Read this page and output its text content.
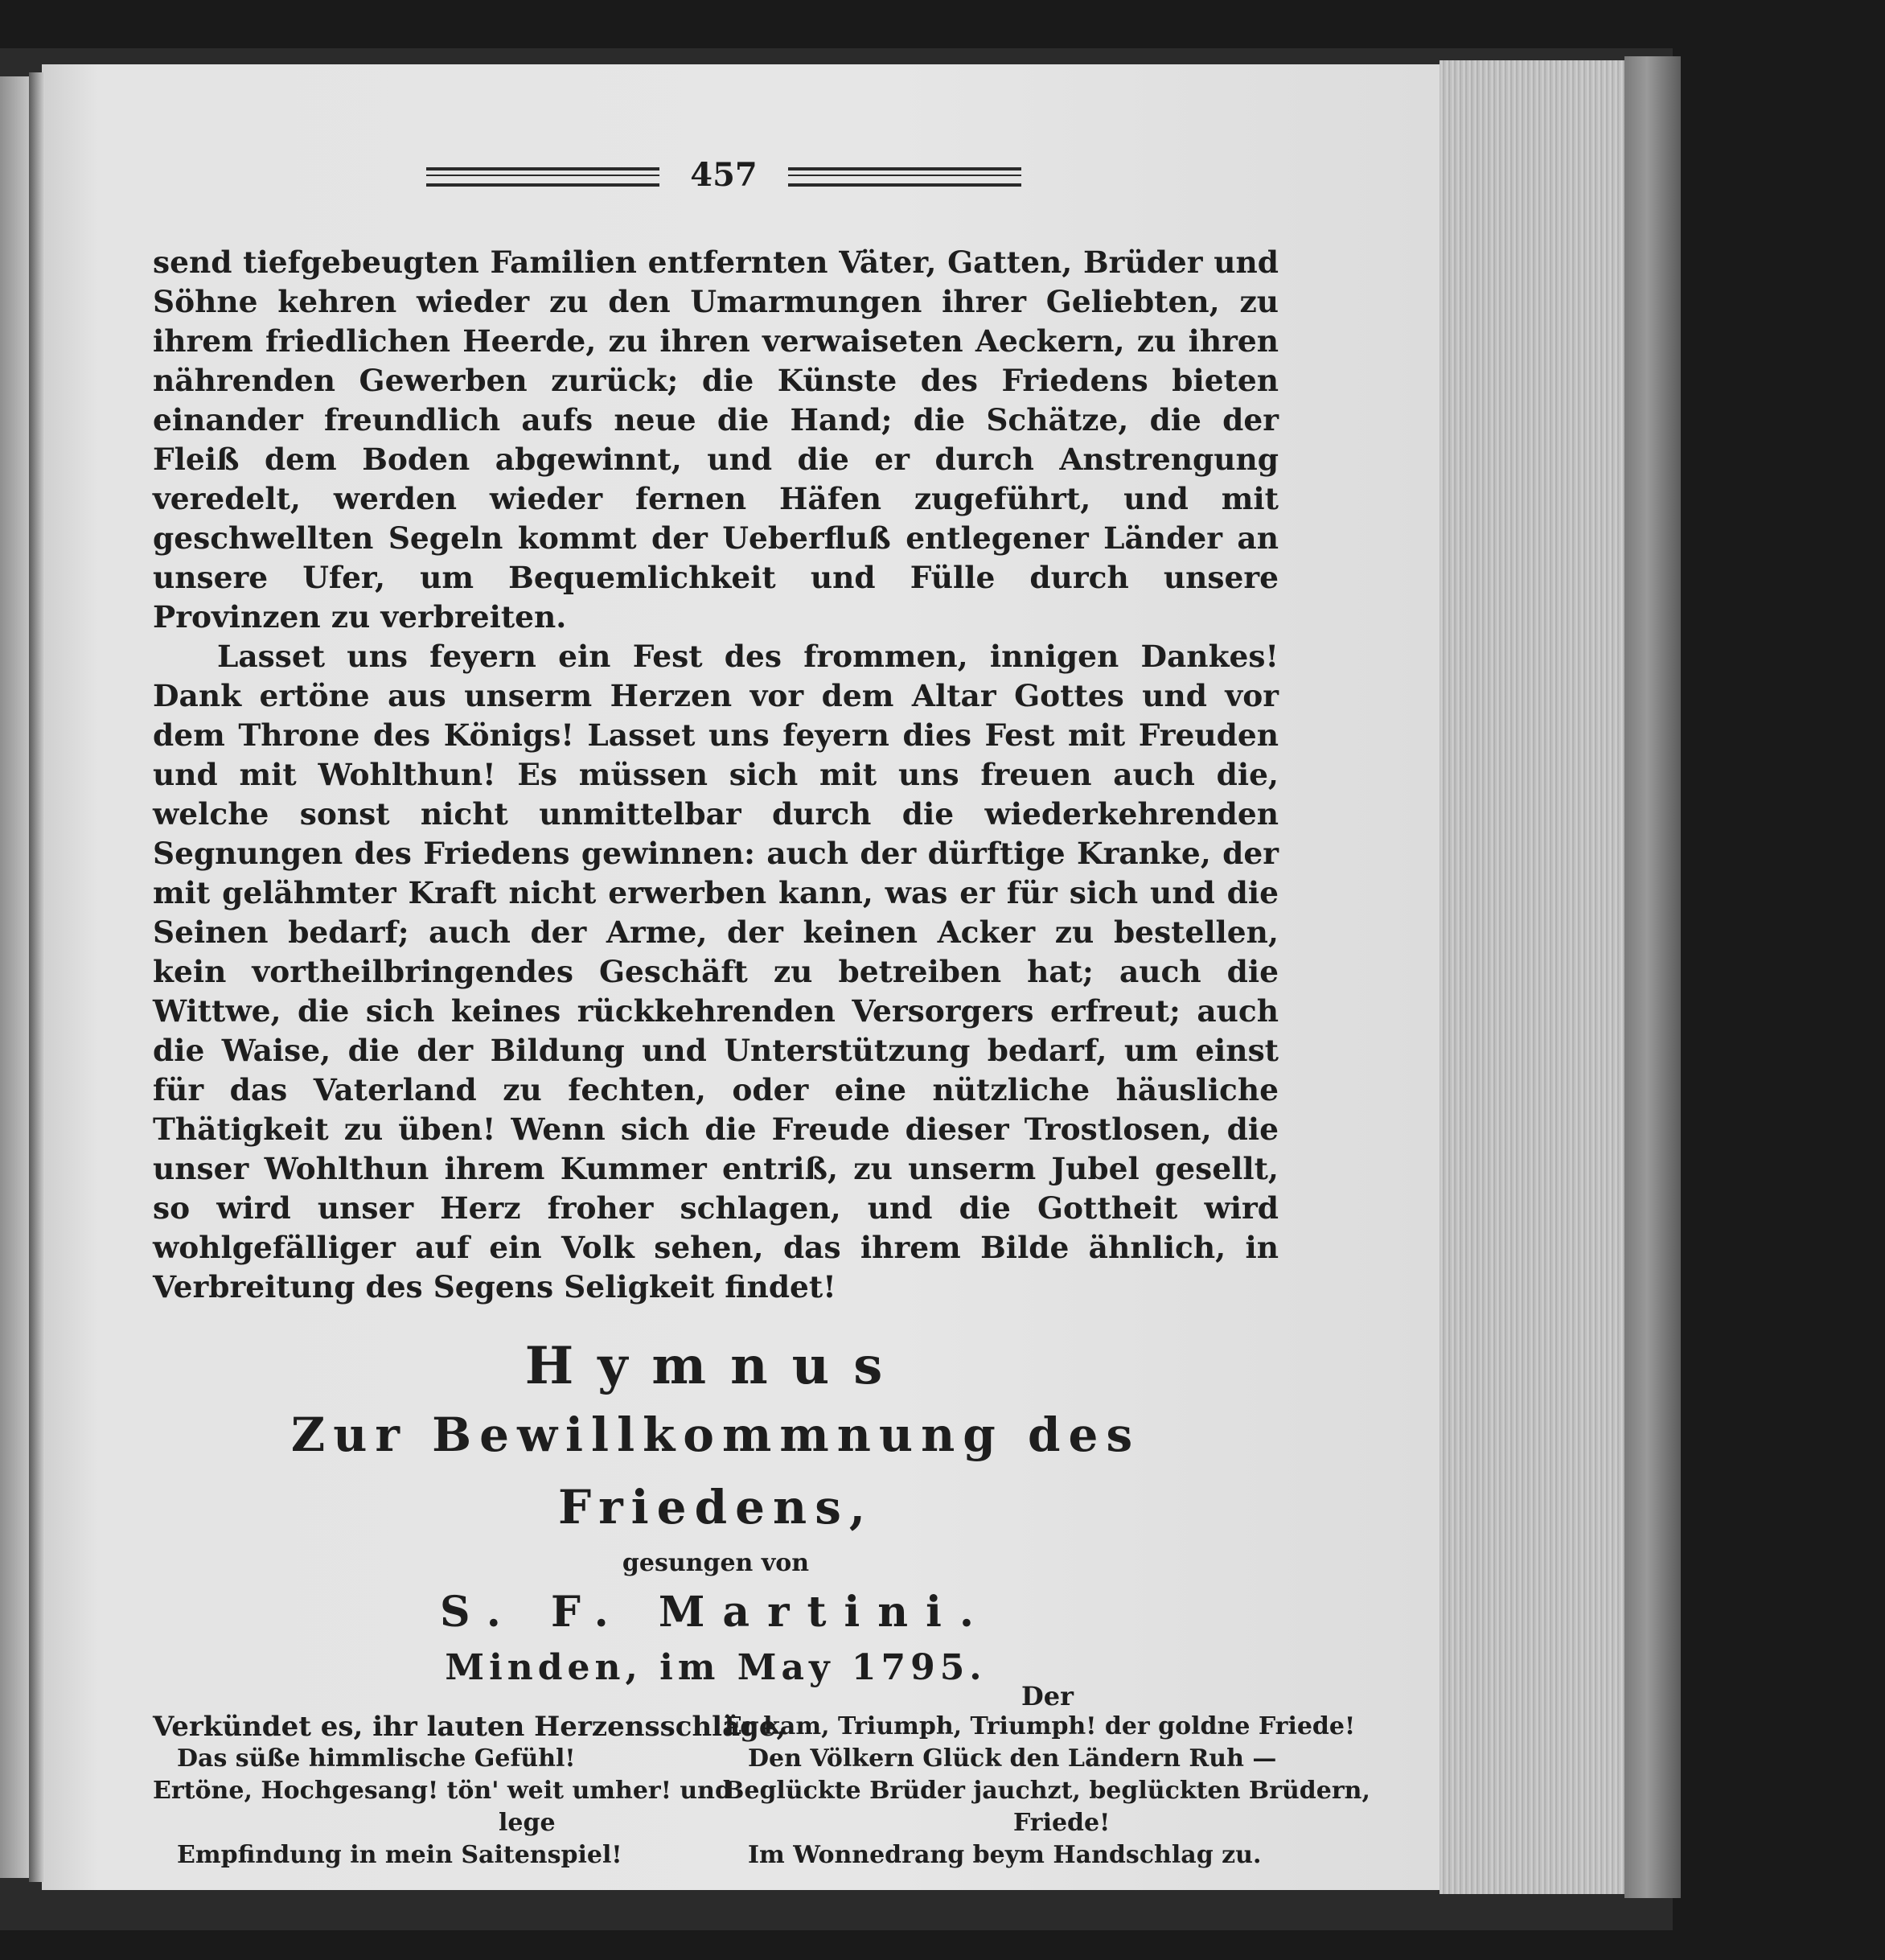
457

send tiefgebeugten Familien entfernten Väter, Gatten, Brüder und Söhne kehren wieder zu den Umarmungen ihrer Geliebten, zu ihrem friedlichen Heerde, zu ihren verwaiseten Aeckern, zu ihren nährenden Gewerben zurück; die Künste des Friedens bieten einander freundlich aufs neue die Hand; die Schätze, die der Fleiß dem Boden abgewinnt, und die er durch Anstrengung veredelt, werden wieder fernen Häfen zugeführt, und mit geschwellten Segeln kommt der Ueberfluß entlegener Länder an unsere Ufer, um Bequemlichkeit und Fülle durch unsere Provinzen zu verbreiten.

Lasset uns feyern ein Fest des frommen, innigen Dankes! Dank ertöne aus unserm Herzen vor dem Altar Gottes und vor dem Throne des Königs! Lasset uns feyern dies Fest mit Freuden und mit Wohlthun! Es müssen sich mit uns freuen auch die, welche sonst nicht unmittelbar durch die wiederkehrenden Segnungen des Friedens gewinnen: auch der dürftige Kranke, der mit gelähmter Kraft nicht erwerben kann, was er für sich und die Seinen bedarf; auch der Arme, der keinen Acker zu bestellen, kein vortheilbringendes Geschäft zu betreiben hat; auch die Wittwe, die sich keines rückkehrenden Versorgers erfreut; auch die Waise, die der Bildung und Unterstützung bedarf, um einst für das Vaterland zu fechten, oder eine nützliche häusliche Thätigkeit zu üben! Wenn sich die Freude dieser Trostlosen, die unser Wohlthun ihrem Kummer entriß, zu unserm Jubel gesellt, so wird unser Herz froher schlagen, und die Gottheit wird wohlgefälliger auf ein Volk sehen, das ihrem Bilde ähnlich, in Verbreitung des Segens Seligkeit findet!

Hymnus
Zur Bewillkommnung des Friedens,
gesungen von
S. F. Martini.
Minden, im May 1795.
Verkündet es, ihr lauten Herzensschläge,
Das süße himmlische Gefühl!
Ertöne, Hochgesang! tön' weit umher! und
lege
Empfindung in mein Saitenspiel!
Er kam, Triumph, Triumph! der goldne Friede!
Den Völkern Glück den Ländern Ruh —
Beglückte Brüder jauchzt, beglückten Brüdern,
Friede!
Im Wonnedrang beym Handschlag zu.
Der
